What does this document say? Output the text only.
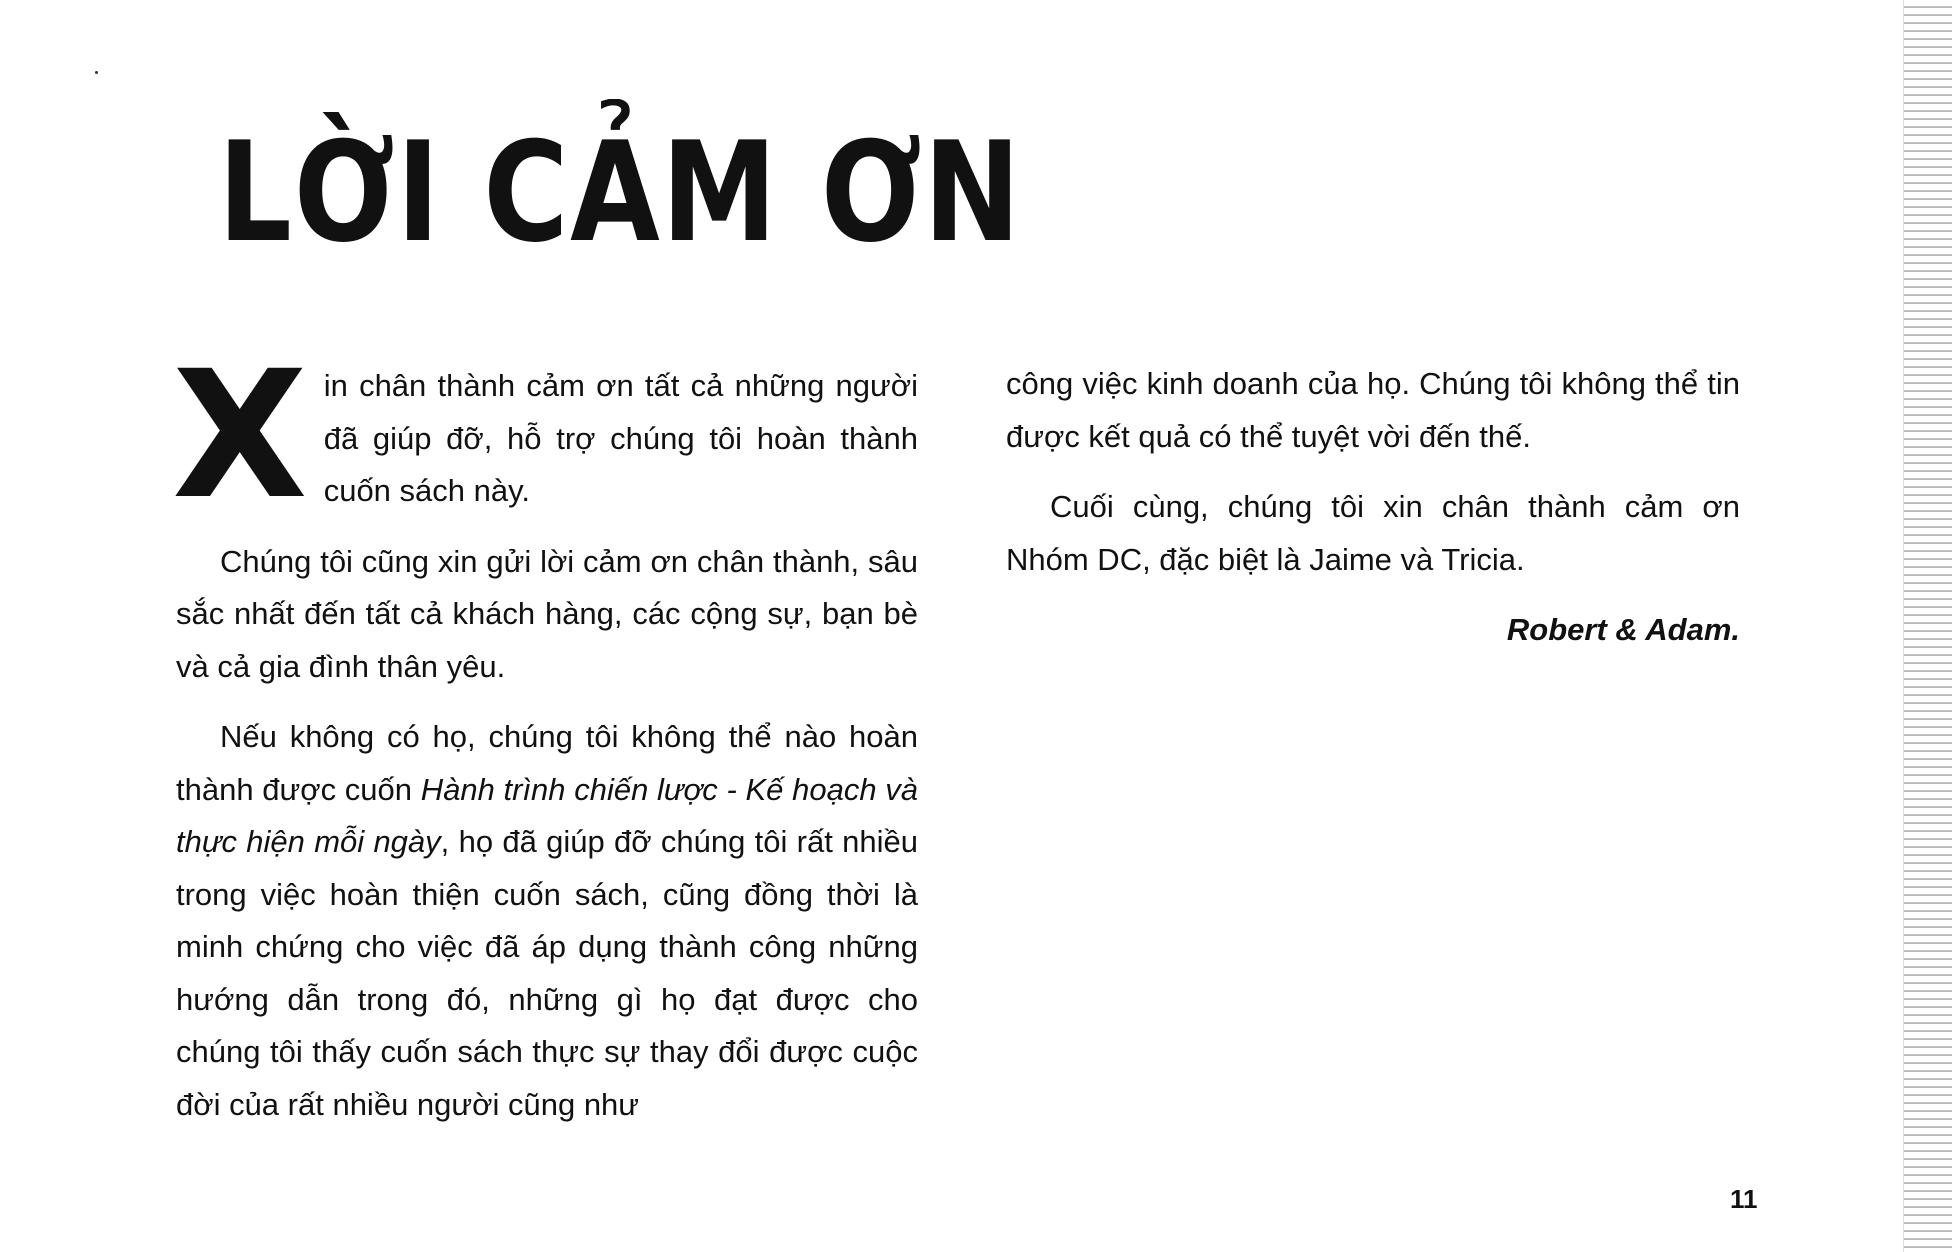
LỜI CẢM ƠN

Xin chân thành cảm ơn tất cả những người đã giúp đỡ, hỗ trợ chúng tôi hoàn thành cuốn sách này.

Chúng tôi cũng xin gửi lời cảm ơn chân thành, sâu sắc nhất đến tất cả khách hàng, các cộng sự, bạn bè và cả gia đình thân yêu.

Nếu không có họ, chúng tôi không thể nào hoàn thành được cuốn Hành trình chiến lược - Kế hoạch và thực hiện mỗi ngày, họ đã giúp đỡ chúng tôi rất nhiều trong việc hoàn thiện cuốn sách, cũng đồng thời là minh chứng cho việc đã áp dụng thành công những hướng dẫn trong đó, những gì họ đạt được cho chúng tôi thấy cuốn sách thực sự thay đổi được cuộc đời của rất nhiều người cũng như

công việc kinh doanh của họ. Chúng tôi không thể tin được kết quả có thể tuyệt vời đến thế.

Cuối cùng, chúng tôi xin chân thành cảm ơn Nhóm DC, đặc biệt là Jaime và Tricia.

Robert & Adam.

11
